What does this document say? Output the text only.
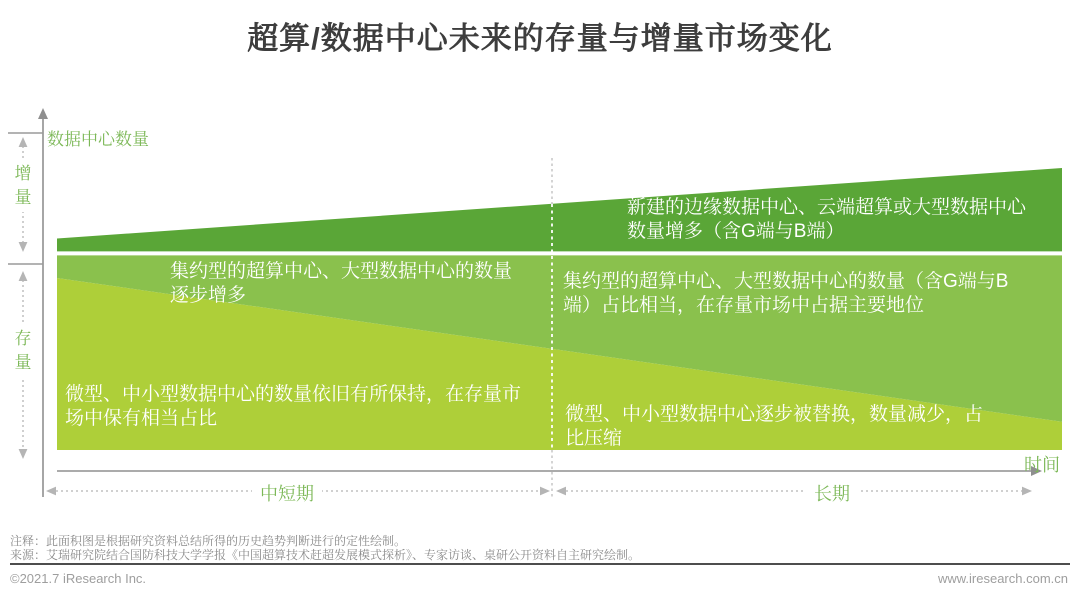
超算/数据中心未来的存量与增量市场变化
数据中心数量
增量
存量
新建的边缘数据中心、云端超算或大型数据中心数量增多（含G端与B端）
集约型的超算中心、大型数据中心的数量逐步增多
集约型的超算中心、大型数据中心的数量（含G端与B端）占比相当，在存量市场中占据主要地位
微型、中小型数据中心的数量依旧有所保持，在存量市场中保有相当占比	微型、中小型数据中心逐步被替换，数量减少，占比压缩
中短期	长期
时间
注释：此面积图是根据研究资料总结所得的历史趋势判断进行的定性绘制。
来源：艾瑞研究院结合国防科技大学学报《中国超算技术赶超发展模式探析》、专家访谈、桌研公开资料自主研究绘制。
©2021.7 iResearch Inc.	www.iresearch.com.cn
